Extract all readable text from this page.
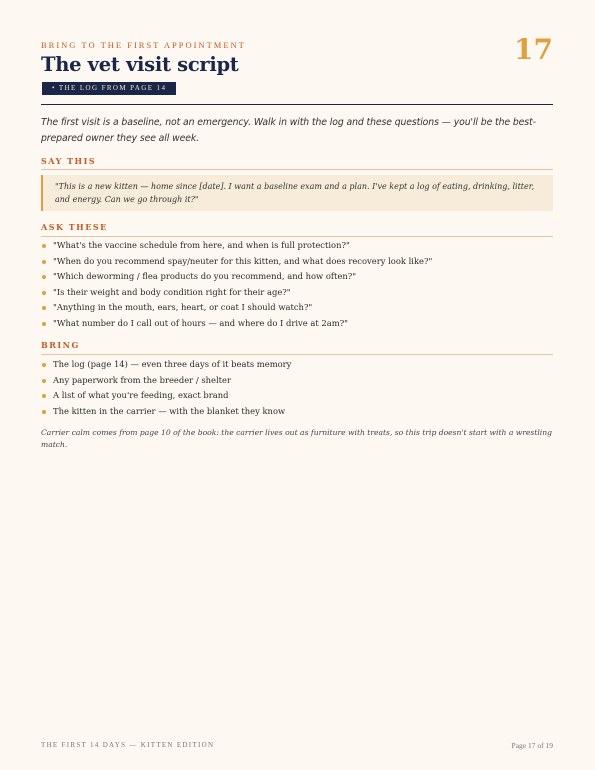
BRING TO THE FIRST APPOINTMENT	17
The vet visit script
• THE LOG FROM PAGE 14

The first visit is a baseline, not an emergency. Walk in with the log and these questions — you'll be the best-prepared owner they see all week.

SAY THIS
"This is a new kitten — home since [date]. I want a baseline exam and a plan. I've kept a log of eating, drinking, litter, and energy. Can we go through it?"
ASK THESE
"What's the vaccine schedule from here, and when is full protection?"
"When do you recommend spay/neuter for this kitten, and what does recovery look like?"
"Which deworming / flea products do you recommend, and how often?"
"Is their weight and body condition right for their age?"
"Anything in the mouth, ears, heart, or coat I should watch?"
"What number do I call out of hours — and where do I drive at 2am?"
BRING
The log (page 14) — even three days of it beats memory
Any paperwork from the breeder / shelter
A list of what you're feeding, exact brand
The kitten in the carrier — with the blanket they know

Carrier calm comes from page 10 of the book: the carrier lives out as furniture with treats, so this trip doesn't start with a wrestling match.

THE FIRST 14 DAYS — KITTEN EDITION	Page 17 of 19
